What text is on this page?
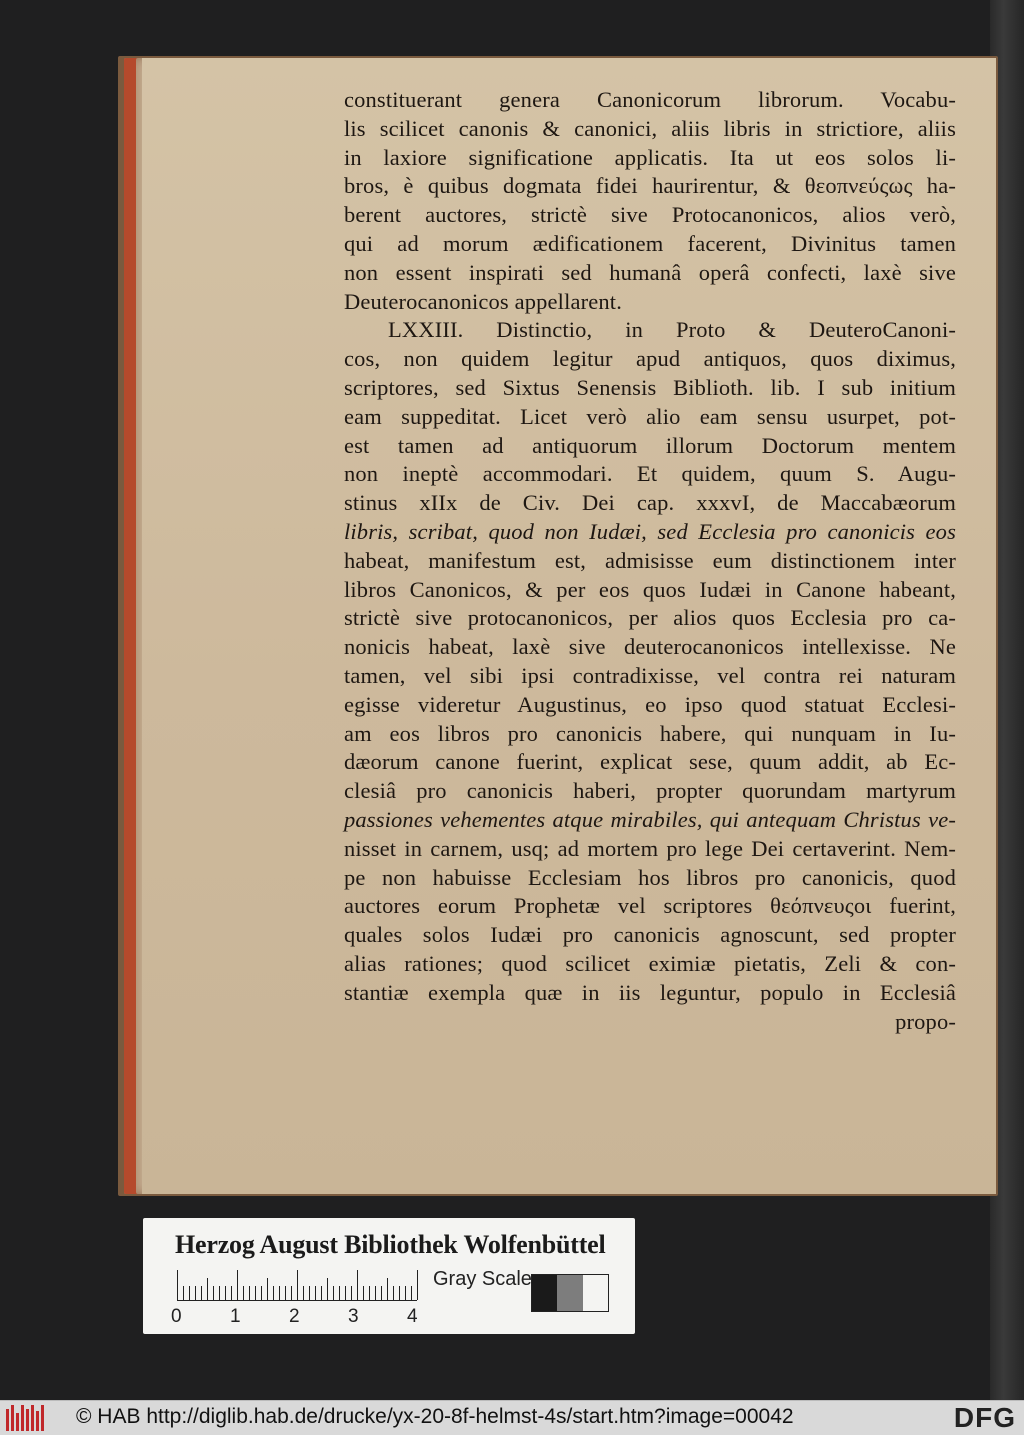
constituerant genera Canonicorum librorum. Vocabu-
lis scilicet canonis & canonici, aliis libris in strictiore, aliis
in laxiore significatione applicatis. Ita ut eos solos li-
bros, è quibus dogmata fidei haurirentur, & θεοπνεύςως ha-
berent auctores, strictè sive Protocanonicos, alios verò,
qui ad morum ædificationem facerent, Divinitus tamen
non essent inspirati sed humanâ operâ confecti, laxè sive
Deuterocanonicos appellarent.
LXXIII. Distinctio, in Proto & DeuteroCanoni-
cos, non quidem legitur apud antiquos, quos diximus,
scriptores, sed Sixtus Senensis Biblioth. lib. I sub initium
eam suppeditat. Licet verò alio eam sensu usurpet, pot-
est tamen ad antiquorum illorum Doctorum mentem
non ineptè accommodari. Et quidem, quum S. Augu-
stinus xIIx de Civ. Dei cap. xxxvI, de Maccabæorum
libris, scribat, quod non Iudæi, sed Ecclesia pro canonicis eos
habeat, manifestum est, admisisse eum distinctionem inter
libros Canonicos, & per eos quos Iudæi in Canone habeant,
strictè sive protocanonicos, per alios quos Ecclesia pro ca-
nonicis habeat, laxè sive deuterocanonicos intellexisse. Ne
tamen, vel sibi ipsi contradixisse, vel contra rei naturam
egisse videretur Augustinus, eo ipso quod statuat Ecclesi-
am eos libros pro canonicis habere, qui nunquam in Iu-
dæorum canone fuerint, explicat sese, quum addit, ab Ec-
clesiâ pro canonicis haberi, propter quorundam martyrum
passiones vehementes atque mirabiles, qui antequam Christus ve-
nisset in carnem, usq; ad mortem pro lege Dei certaverint. Nem-
pe non habuisse Ecclesiam hos libros pro canonicis, quod
auctores eorum Prophetæ vel scriptores θεόπνευςοι fuerint,
quales solos Iudæi pro canonicis agnoscunt, sed propter
alias rationes; quod scilicet eximiæ pietatis, Zeli & con-
stantiæ exempla quæ in iis leguntur, populo in Ecclesiâ
propo-
Herzog August Bibliothek Wolfenbüttel
0	1	2	3	4
Gray Scale
© HAB http://diglib.hab.de/drucke/yx-20-8f-helmst-4s/start.htm?image=00042	DFG
